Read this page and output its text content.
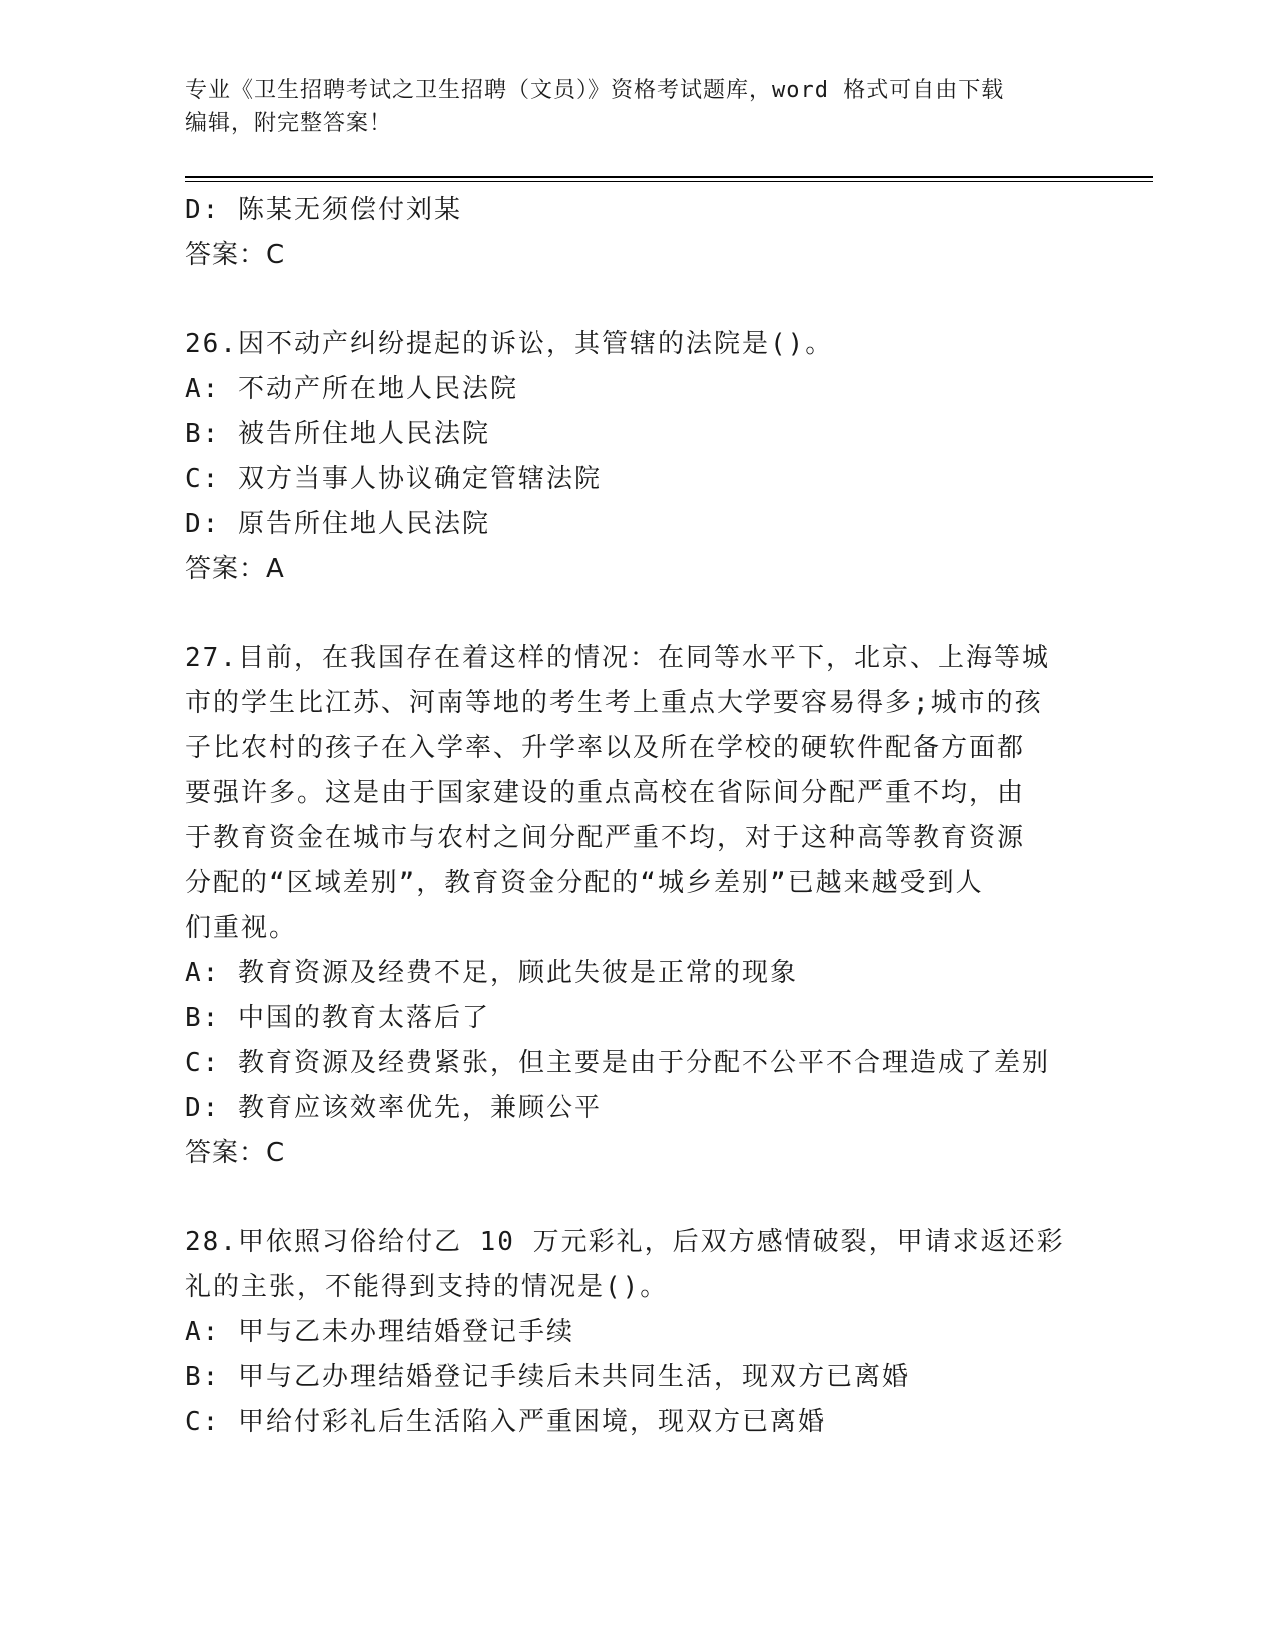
专业《卫生招聘考试之卫生招聘（文员）》资格考试题库，word 格式可自由下载
编辑，附完整答案！
D: 陈某无须偿付刘某
答案：C
26.因不动产纠纷提起的诉讼，其管辖的法院是()。
A: 不动产所在地人民法院
B: 被告所住地人民法院
C: 双方当事人协议确定管辖法院
D: 原告所住地人民法院
答案：A
27.目前，在我国存在着这样的情况：在同等水平下，北京、上海等城
市的学生比江苏、河南等地的考生考上重点大学要容易得多;城市的孩
子比农村的孩子在入学率、升学率以及所在学校的硬软件配备方面都
要强许多。这是由于国家建设的重点高校在省际间分配严重不均，由
于教育资金在城市与农村之间分配严重不均，对于这种高等教育资源
分配的“区域差别”，教育资金分配的“城乡差别”已越来越受到人
们重视。
A: 教育资源及经费不足，顾此失彼是正常的现象
B: 中国的教育太落后了
C: 教育资源及经费紧张，但主要是由于分配不公平不合理造成了差别
D: 教育应该效率优先，兼顾公平
答案：C
28.甲依照习俗给付乙 10 万元彩礼，后双方感情破裂，甲请求返还彩
礼的主张，不能得到支持的情况是()。
A: 甲与乙未办理结婚登记手续
B: 甲与乙办理结婚登记手续后未共同生活，现双方已离婚
C: 甲给付彩礼后生活陷入严重困境，现双方已离婚
